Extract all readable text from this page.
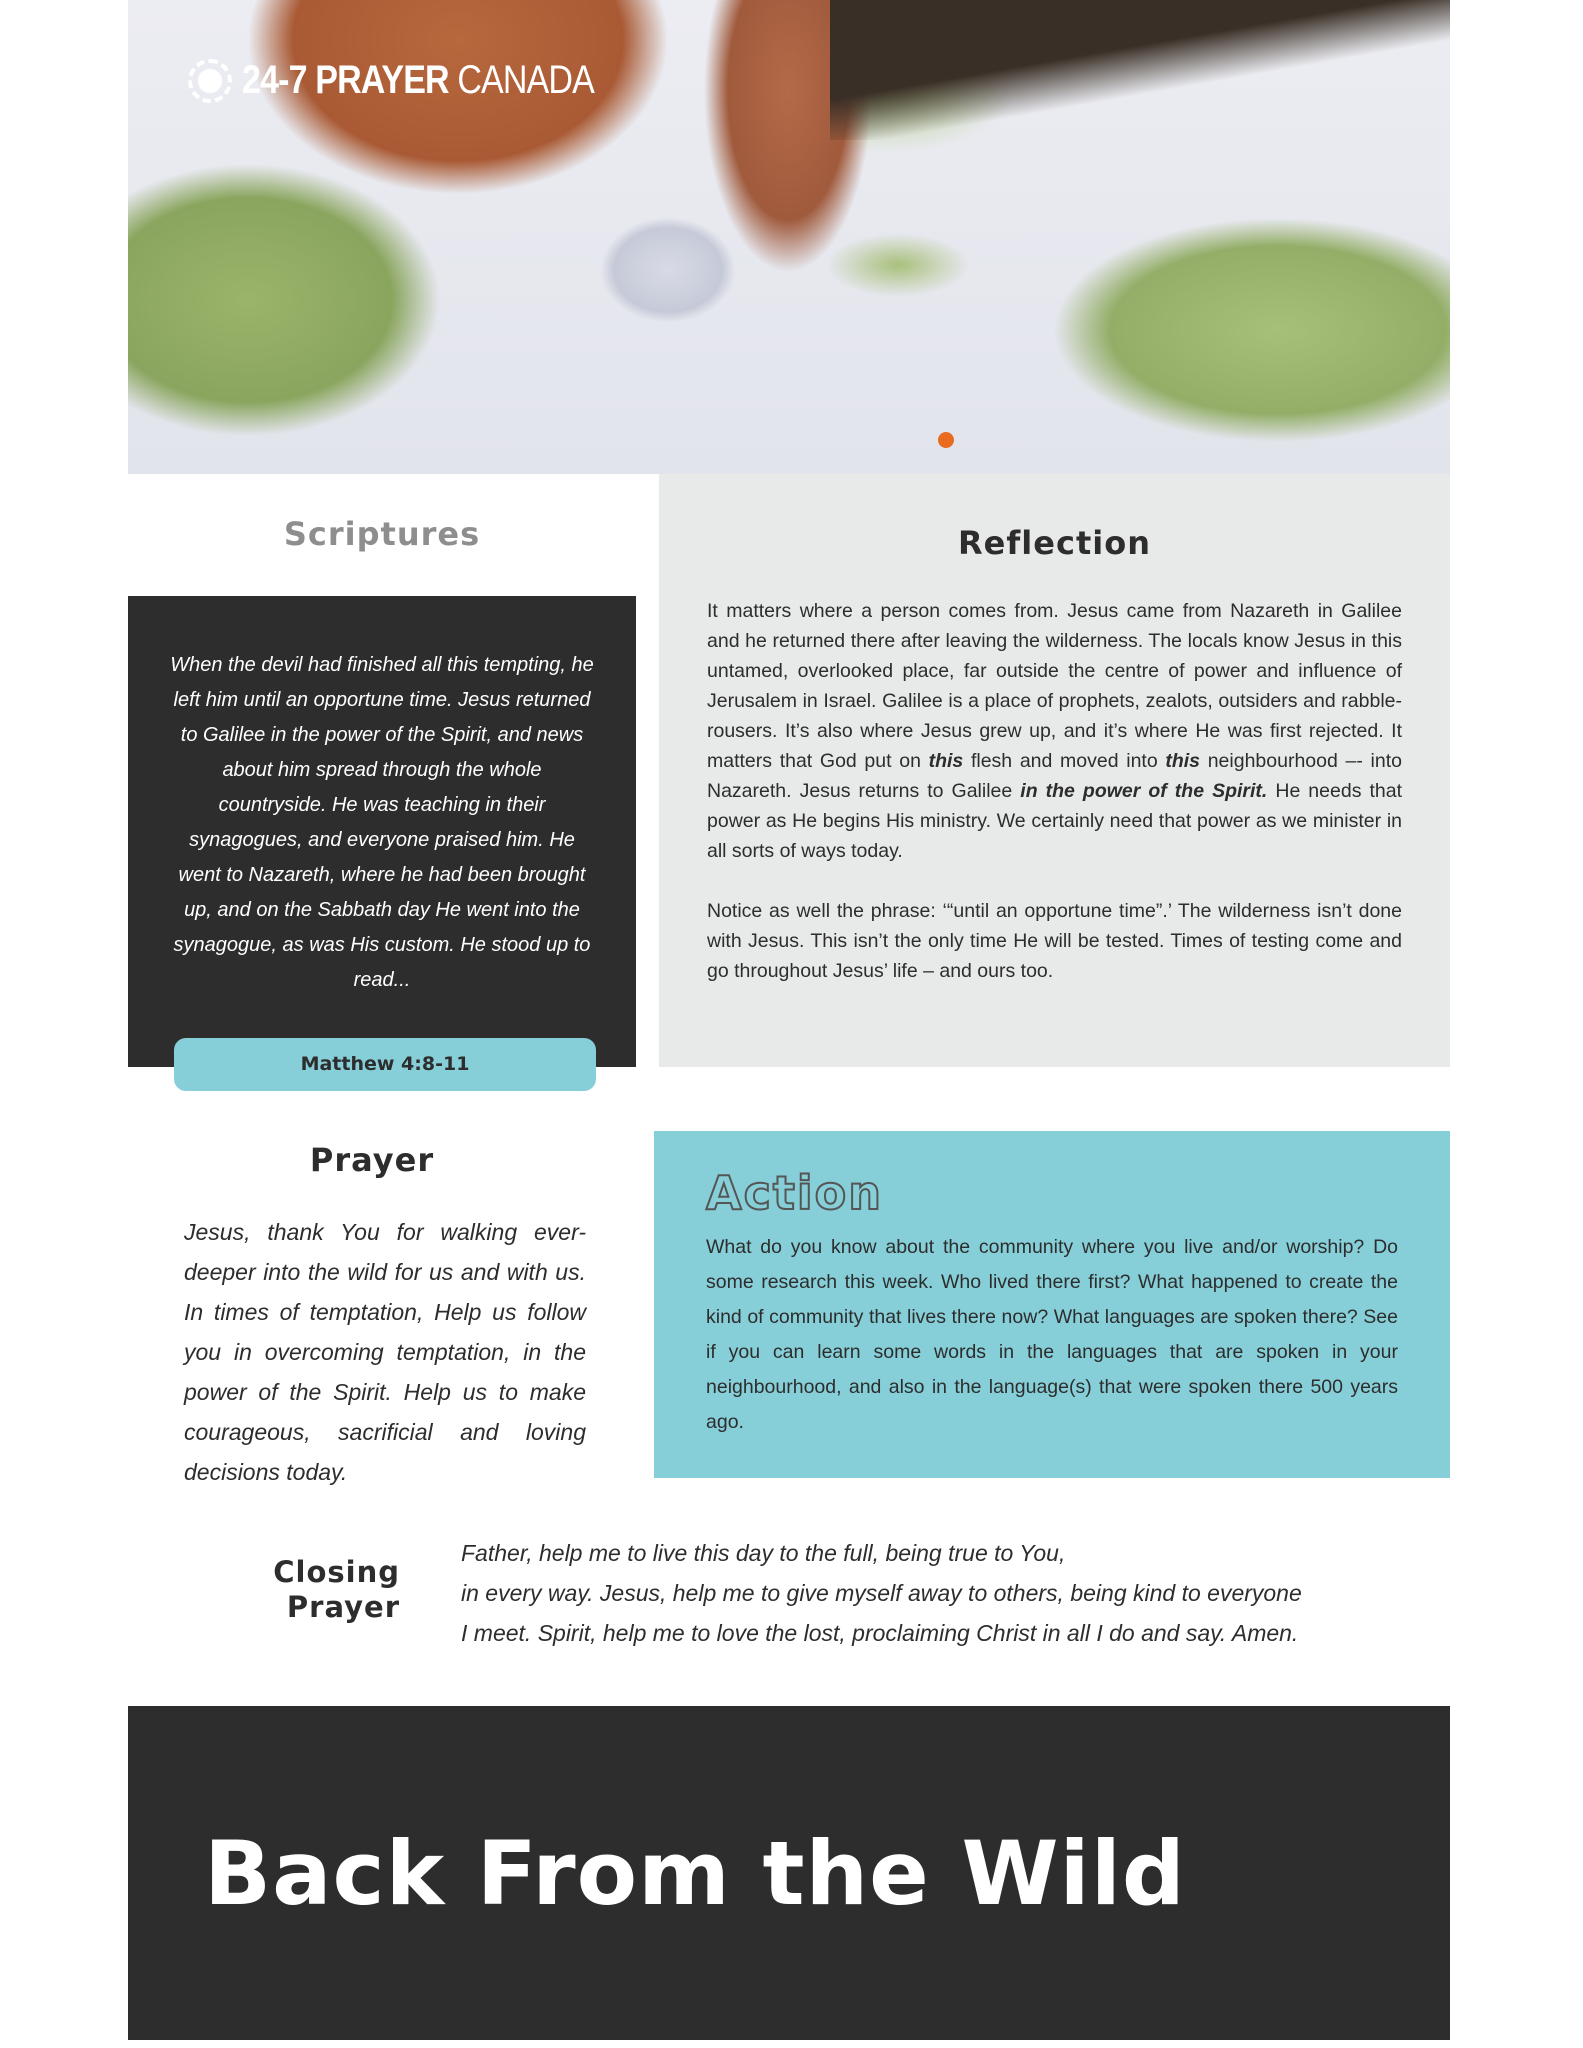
24-7 PRAYER CANADA
Scriptures

When the devil had finished all this tempting, he left him until an opportune time. Jesus returned to Galilee in the power of the Spirit, and news about him spread through the whole countryside. He was teaching in their synagogues, and everyone praised him. He went to Nazareth, where he had been brought up, and on the Sabbath day He went into the synagogue, as was His custom. He stood up to read...

Matthew 4:8-11
Reflection

It matters where a person comes from. Jesus came from Nazareth in Galilee and he returned there after leaving the wilderness. The locals know Jesus in this untamed, overlooked place, far outside the centre of power and influence of Jerusalem in Israel. Galilee is a place of prophets, zealots, outsiders and rabble-rousers. It’s also where Jesus grew up, and it’s where He was first rejected. It matters that God put on this flesh and moved into this neighbourhood –- into Nazareth. Jesus returns to Galilee in the power of the Spirit. He needs that power as He begins His ministry. We certainly need that power as we minister in all sorts of ways today.

Notice as well the phrase: ‘“until an opportune time”.’ The wilderness isn’t done with Jesus. This isn’t the only time He will be tested. Times of testing come and go throughout Jesus’ life – and ours too.

Prayer

Jesus, thank You for walking ever-deeper into the wild for us and with us. In times of temptation, Help us follow you in overcoming temptation, in the power of the Spirit. Help us to make courageous, sacrificial and loving decisions today.

Action

What do you know about the community where you live and/or worship? Do some research this week. Who lived there first? What happened to create the kind of community that lives there now? What languages are spoken there? See if you can learn some words in the languages that are spoken in your neighbourhood, and also in the language(s) that were spoken there 500 years ago.

Closing
Prayer
Father, help me to live this day to the full, being true to You,
in every way. Jesus, help me to give myself away to others, being kind to everyone
I meet. Spirit, help me to love the lost, proclaiming Christ in all I do and say. Amen.
Back From the Wild
